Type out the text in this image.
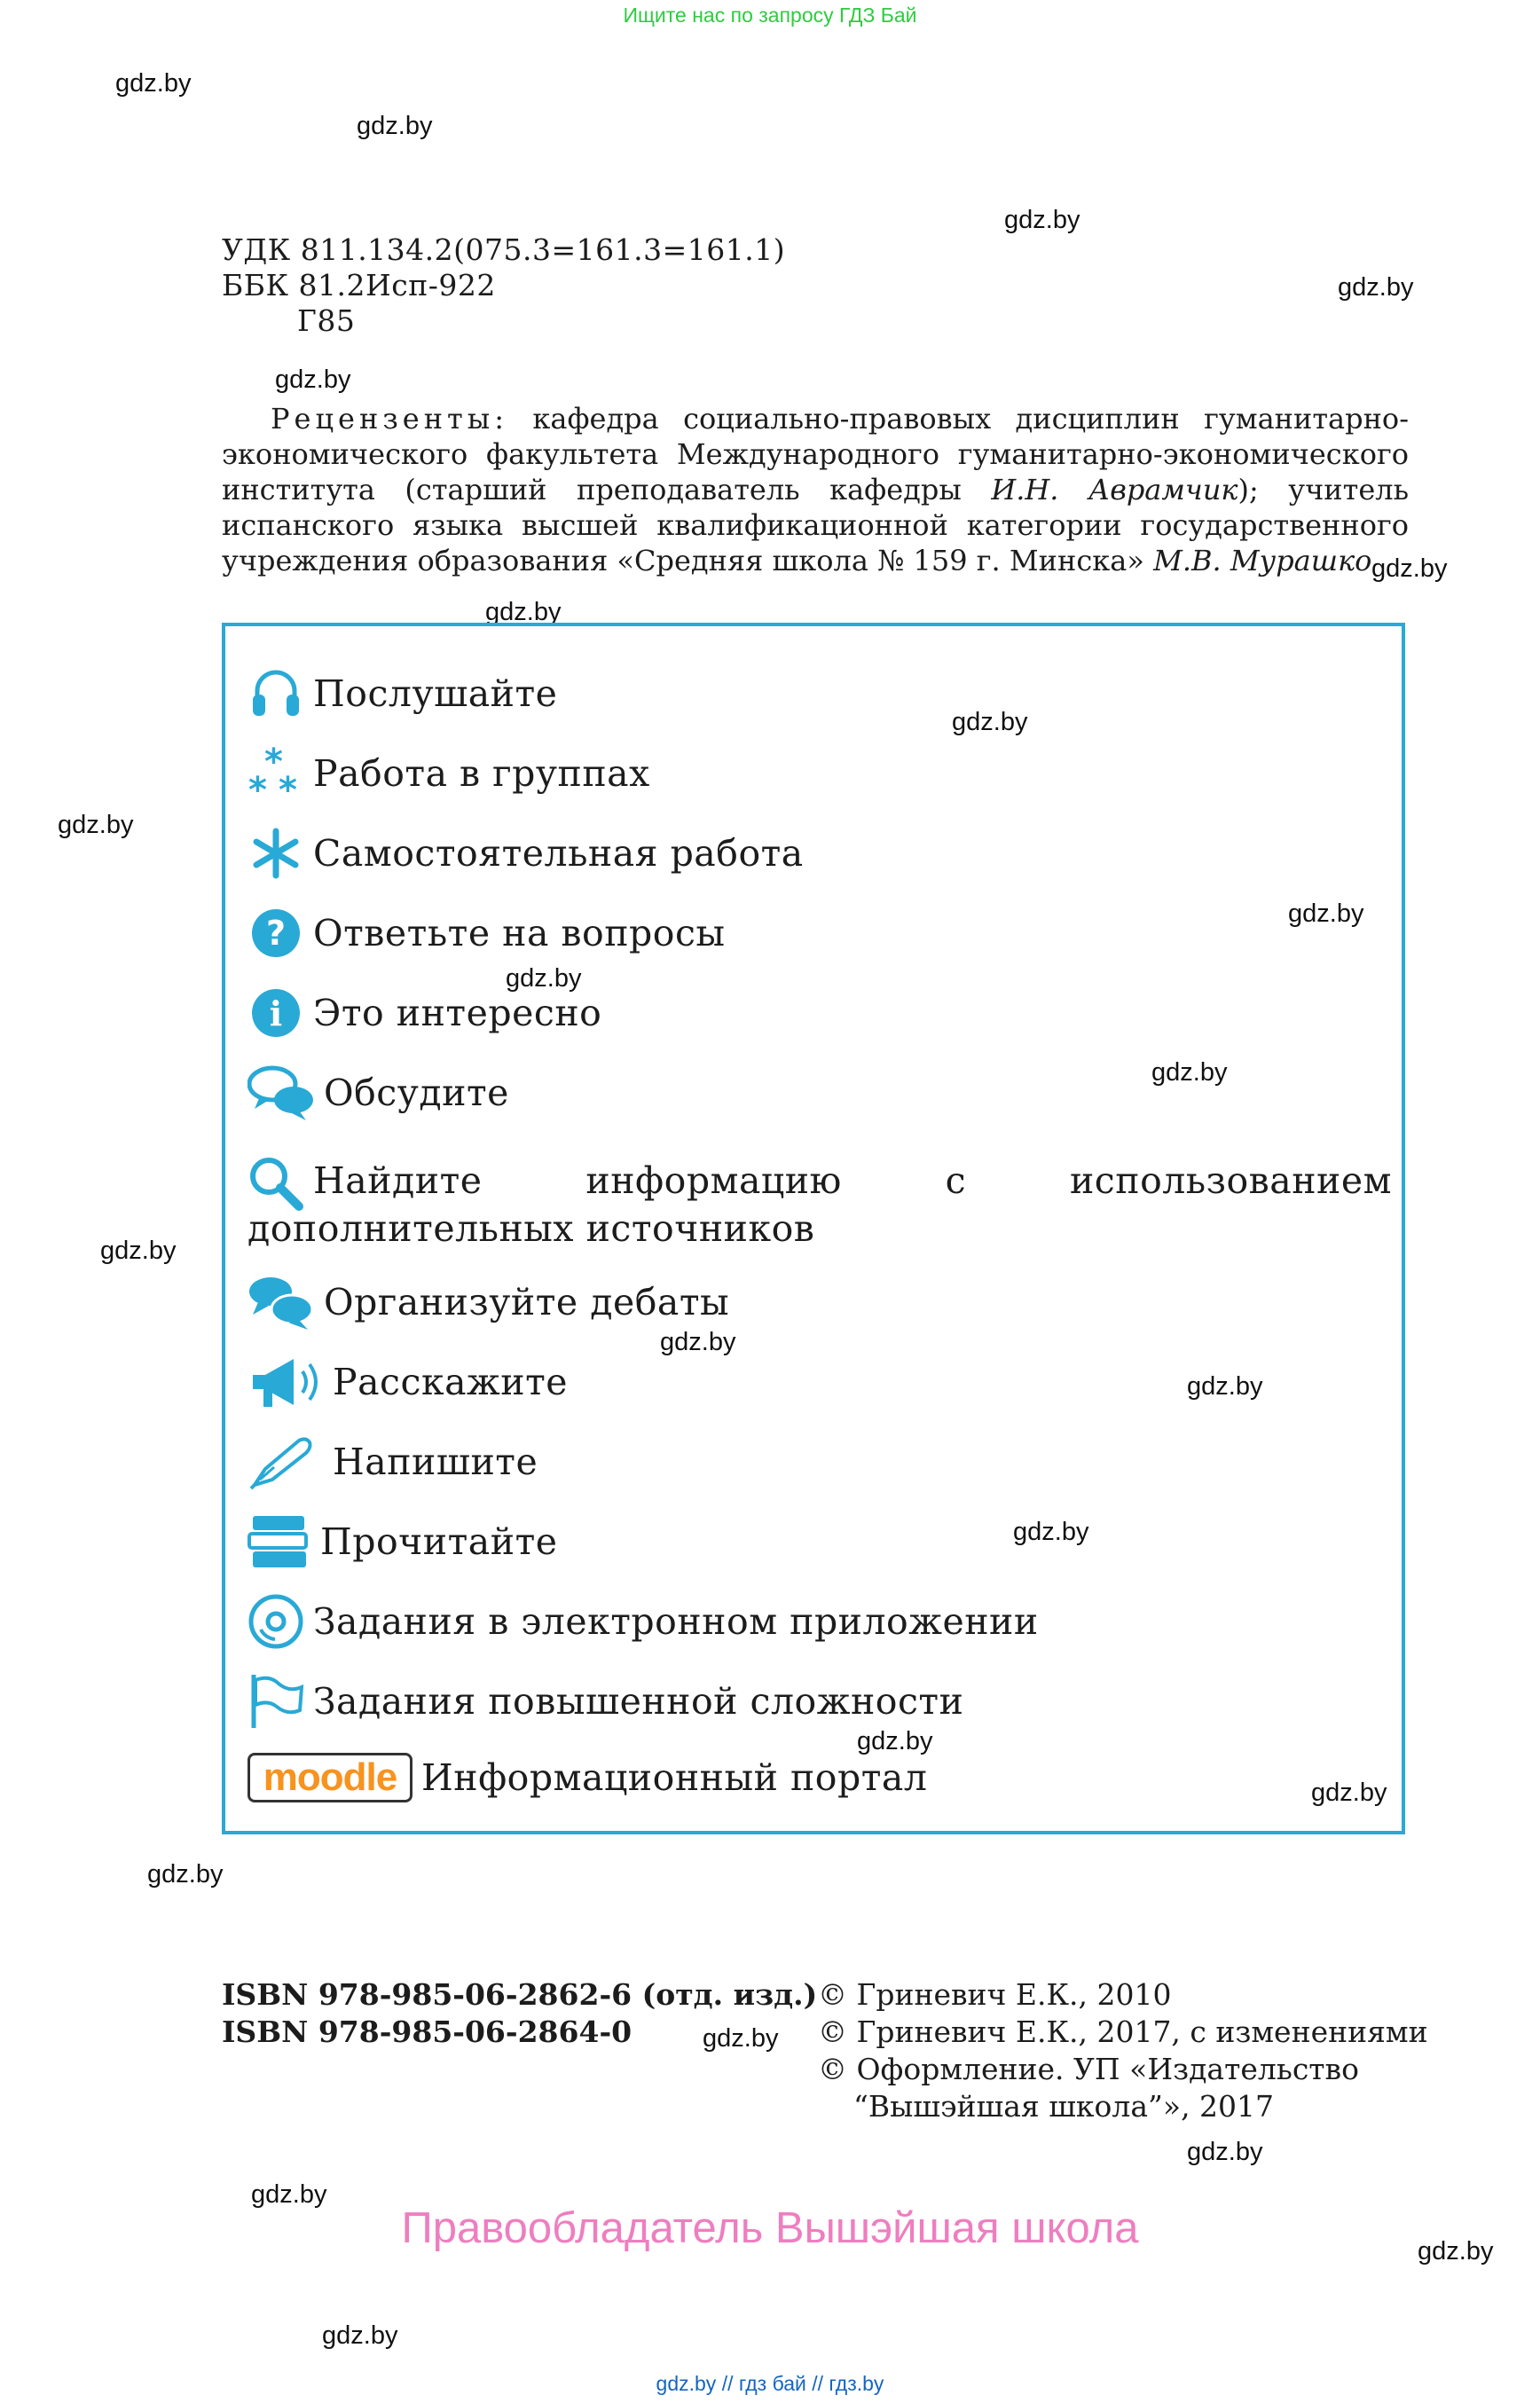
Ищите нас по запросу ГДЗ Бай
gdz.by
gdz.by
gdz.by
gdz.by
gdz.by
gdz.by
gdz.by
gdz.by
gdz.by
gdz.by
gdz.by
gdz.by
gdz.by
gdz.by
gdz.by
gdz.by
gdz.by
gdz.by
gdz.by
gdz.by
gdz.by
gdz.by
gdz.by
gdz.by
УДК 811.134.2(075.3=161.3=161.1)
ББК 81.2Исп-922
Г85
Рецензенты: кафедра социально-правовых дисциплин гуманитарно-экономического факультета Международного гуманитарно-экономического института (старший преподаватель кафедры И.Н. Аврамчик); учитель испанского языка высшей квалификационной категории государственного учреждения образования «Средняя школа № 159 г. Минска» М.В. Мурашко
Послушайте
*
* * Работа в группах
Самостоятельная работа
? Ответьте на вопросы
i Это интересно
Обсудите
Найдите информацию с использованием дополнительных источников
Организуйте дебаты
Расскажите
Напишите
Прочитайте
Задания в электронном приложении
Задания повышенной сложности
moodle Информационный портал
ISBN 978-985-06-2862-6 (отд. изд.)
ISBN 978-985-06-2864-0
© Гриневич Е.К., 2010
© Гриневич Е.К., 2017, с изменениями
© Оформление. УП «Издательство
“Вышэйшая школа”», 2017
Правообладатель Вышэйшая школа
gdz.by // гдз бай // гдз.by
